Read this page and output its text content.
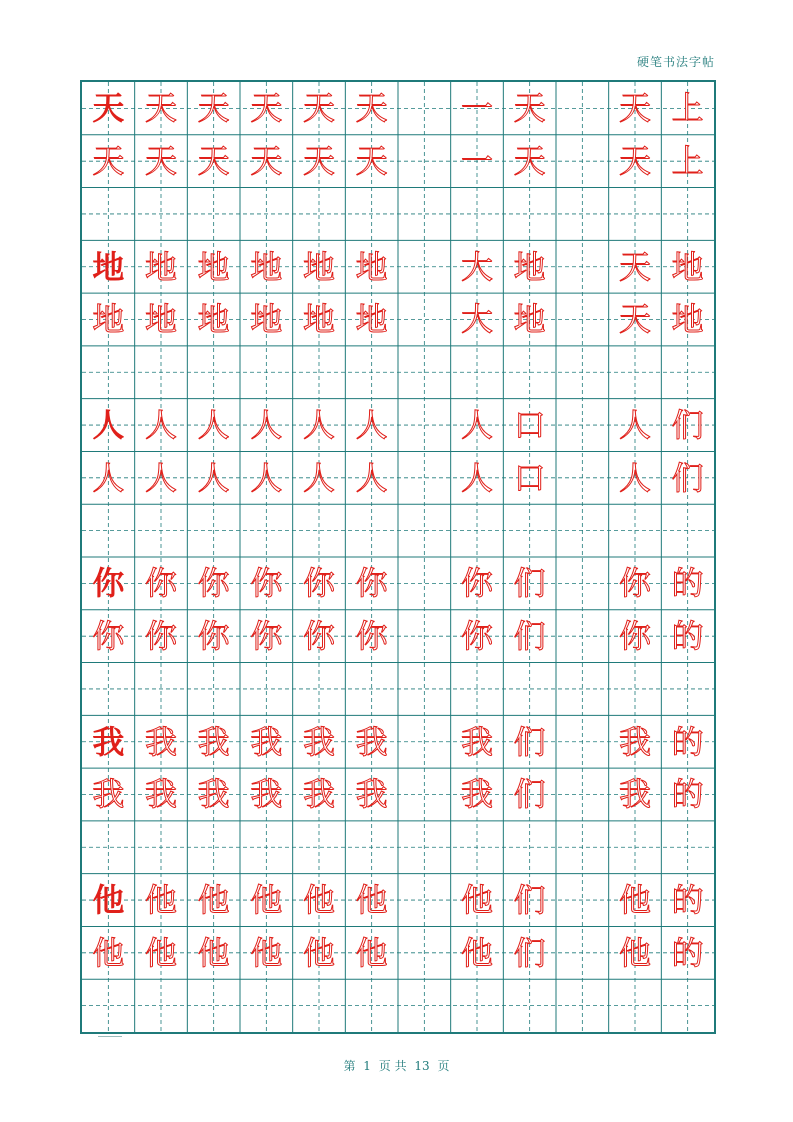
硬笔书法字帖
天 天 天 天 天 天	一 天	天 上
天 天 天 天 天 天	一 天	天 上
地 地 地 地 地 地	大 地	天 地
地 地 地 地 地 地	大 地	天 地
人 人 人 人 人 人	人 口	人 们
人 人 人 人 人 人	人 口	人 们
你 你 你 你 你 你	你 们	你 的
你 你 你 你 你 你	你 们	你 的
我 我 我 我 我 我	我 们	我 的
我 我 我 我 我 我	我 们	我 的
他 他 他 他 他 他	他 们	他 的
他 他 他 他 他 他	他 们	他 的
第 1 页 共 13 页
